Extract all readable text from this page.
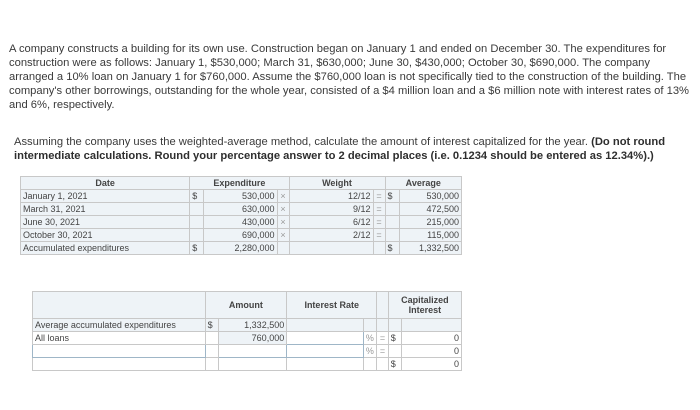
A company constructs a building for its own use. Construction began on January 1 and ended on December 30. The expenditures for construction were as follows: January 1, $530,000; March 31, $630,000; June 30, $430,000; October 30, $690,000. The company arranged a 10% loan on January 1 for $760,000. Assume the $760,000 loan is not specifically tied to the construction of the building. The company's other borrowings, outstanding for the whole year, consisted of a $4 million loan and a $6 million note with interest rates of 13% and 6%, respectively.

Assuming the company uses the weighted-average method, calculate the amount of interest capitalized for the year. (Do not round intermediate calculations. Round your percentage answer to 2 decimal places (i.e. 0.1234 should be entered as 12.34%).)
Date	Expenditure			Weight		Average	
January 1, 2021	$	530,000	×	12/12	=	$	530,000
March 31, 2021		630,000	×	9/12	=		472,500
June 30, 2021		430,000	×	6/12	=		215,000
October 30, 2021		690,000	×	2/12	=		115,000
Accumulated expenditures	$	2,280,000				$	1,332,500
	Amount		Interest Rate			Capitalized Interest	
Average accumulated expenditures	$	1,332,500					
All loans		760,000		%	=	$	0
				%	=		0
						$	0
